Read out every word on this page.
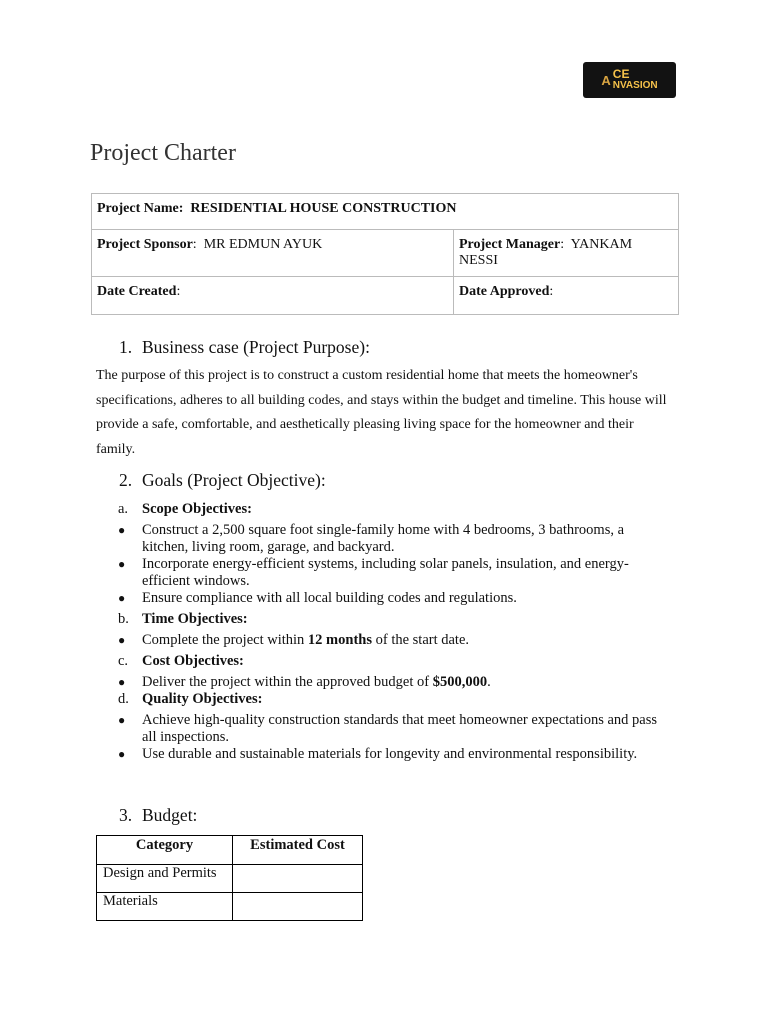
A CE
NVASION
Project Charter
Project Name: RESIDENTIAL HOUSE CONSTRUCTION	
Project Sponsor:  MR EDMUN AYUK	Project Manager:  YANKAM NESSI
Date Created:	Date Approved:
1. Business case (Project Purpose):
The purpose of this project is to construct a custom residential home that meets the homeowner's specifications, adheres to all building codes, and stays within the budget and timeline. This house will provide a safe, comfortable, and aesthetically pleasing living space for the homeowner and their family.
2. Goals (Project Objective):
a. Scope Objectives:
●	Construct a 2,500 square foot single-family home with 4 bedrooms, 3 bathrooms, a kitchen, living room, garage, and backyard.
●	Incorporate energy-efficient systems, including solar panels, insulation, and energy-efficient windows.
●	Ensure compliance with all local building codes and regulations.
b. Time Objectives:
●	Complete the project within 12 months of the start date.
c. Cost Objectives:
●	Deliver the project within the approved budget of $500,000.
d. Quality Objectives:
●	Achieve high-quality construction standards that meet homeowner expectations and pass all inspections.
●	Use durable and sustainable materials for longevity and environmental responsibility.
3. Budget:
Category	Estimated Cost
Design and Permits	
Materials	
